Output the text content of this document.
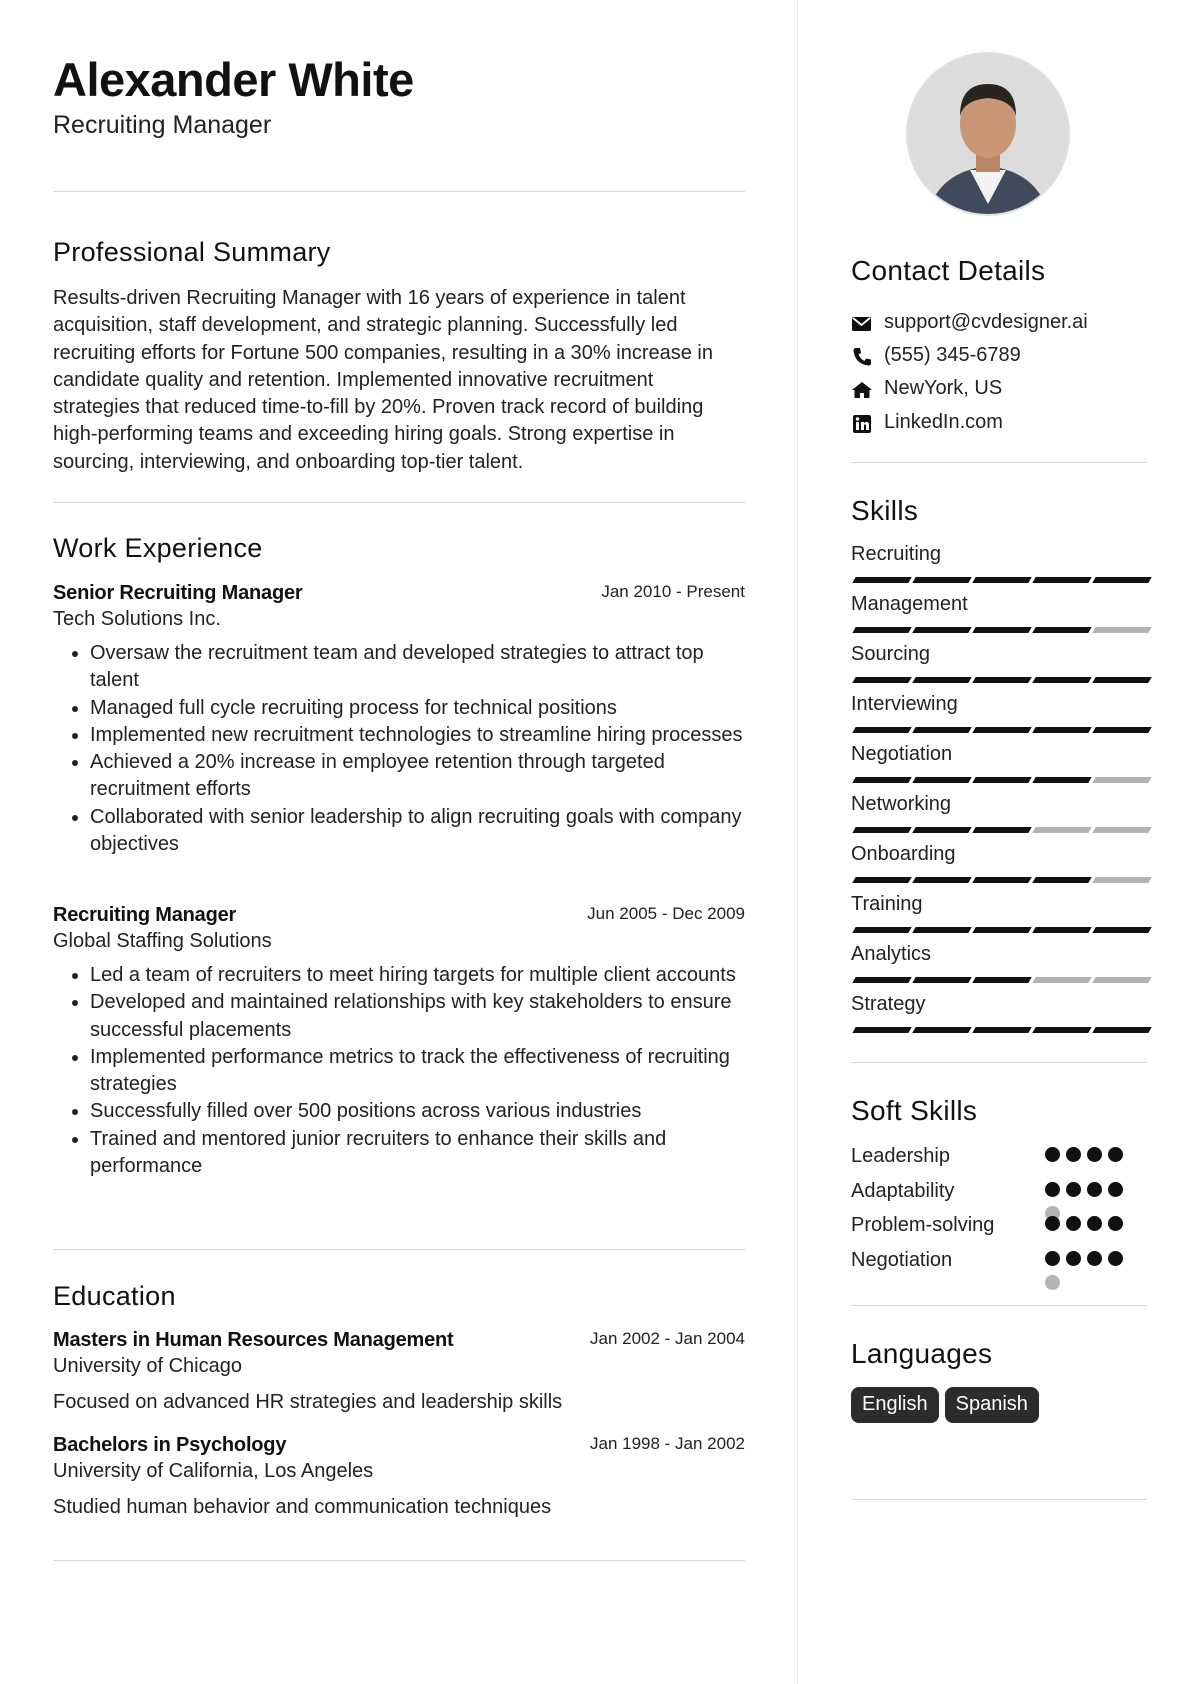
Alexander White
Recruiting Manager
Professional Summary
Results-driven Recruiting Manager with 16 years of experience in talent acquisition, staff development, and strategic planning. Successfully led recruiting efforts for Fortune 500 companies, resulting in a 30% increase in candidate quality and retention. Implemented innovative recruitment strategies that reduced time-to-fill by 20%. Proven track record of building high-performing teams and exceeding hiring goals. Strong expertise in sourcing, interviewing, and onboarding top-tier talent.
Work Experience
Senior Recruiting Manager	Jan 2010 - Present
Tech Solutions Inc.
• Oversaw the recruitment team and developed strategies to attract top talent
• Managed full cycle recruiting process for technical positions
• Implemented new recruitment technologies to streamline hiring processes
• Achieved a 20% increase in employee retention through targeted recruitment efforts
• Collaborated with senior leadership to align recruiting goals with company objectives
Recruiting Manager	Jun 2005 - Dec 2009
Global Staffing Solutions
• Led a team of recruiters to meet hiring targets for multiple client accounts
• Developed and maintained relationships with key stakeholders to ensure successful placements
• Implemented performance metrics to track the effectiveness of recruiting strategies
• Successfully filled over 500 positions across various industries
• Trained and mentored junior recruiters to enhance their skills and performance
Education
Masters in Human Resources Management	Jan 2002 - Jan 2004
University of Chicago
Focused on advanced HR strategies and leadership skills
Bachelors in Psychology	Jan 1998 - Jan 2002
University of California, Los Angeles
Studied human behavior and communication techniques
Contact Details
support@cvdesigner.ai
(555) 345-6789
NewYork, US
LinkedIn.com
Skills
Recruiting
Management
Sourcing
Interviewing
Negotiation
Networking
Onboarding
Training
Analytics
Strategy
Soft Skills
Leadership
Adaptability
Problem-solving
Negotiation
Languages
English Spanish
